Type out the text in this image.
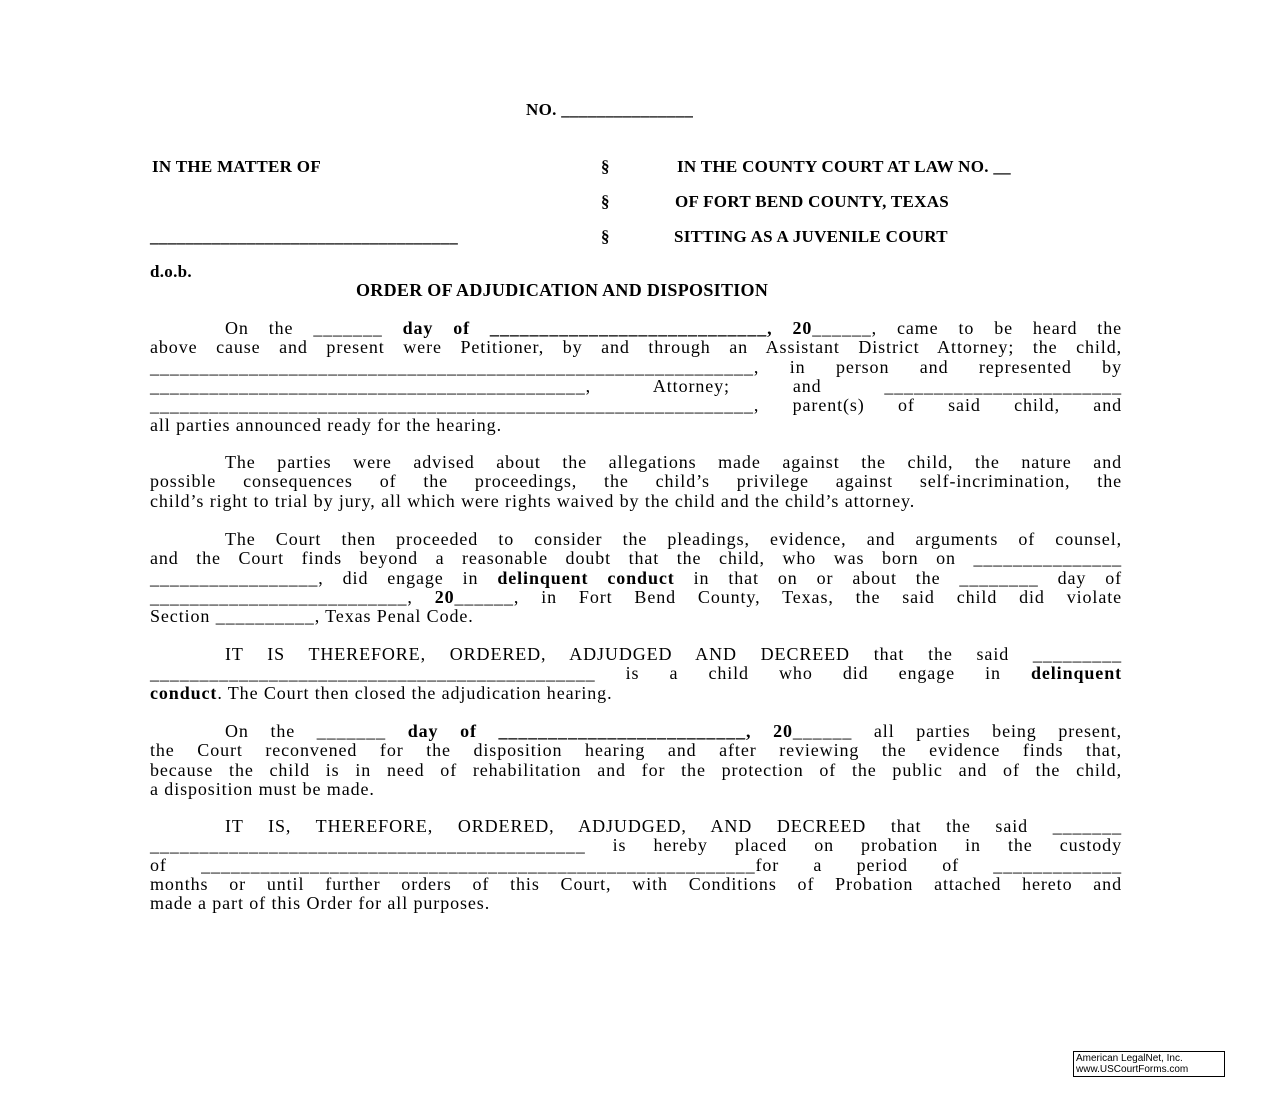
NO. _______________
IN THE MATTER OF
___________________________________
§
§
§
IN THE COUNTY COURT AT LAW NO. __
OF FORT BEND COUNTY, TEXAS
SITTING AS A JUVENILE COURT
d.o.b.
ORDER OF ADJUDICATION AND DISPOSITION
On the _______ day of ____________________________, 20______, came to be heard the
above cause and present were Petitioner, by and through an Assistant District Attorney; the child,
_____________________________________________________________, in person and represented by
____________________________________________, Attorney; and ________________________
_____________________________________________________________, parent(s) of said child, and
all parties announced ready for the hearing.
The parties were advised about the allegations made against the child, the nature and
possible consequences of the proceedings, the child’s privilege against self-incrimination, the
child’s right to trial by jury, all which were rights waived by the child and the child’s attorney.
The Court then proceeded to consider the pleadings, evidence, and arguments of counsel,
and the Court finds beyond a reasonable doubt that the child, who was born on _______________
_________________, did engage in delinquent conduct in that on or about the ________ day of
__________________________, 20______, in Fort Bend County, Texas, the said child did violate
Section __________, Texas Penal Code.
IT IS THEREFORE, ORDERED, ADJUDGED AND DECREED that the said _________
_____________________________________________ is a child who did engage in delinquent
conduct. The Court then closed the adjudication hearing.
On the _______ day of _________________________, 20______ all parties being present,
the Court reconvened for the disposition hearing and after reviewing the evidence finds that,
because the child is in need of rehabilitation and for the protection of the public and of the child,
a disposition must be made.
IT IS, THEREFORE, ORDERED, ADJUDGED, AND DECREED that the said _______
____________________________________________ is hereby placed on probation in the custody
of ________________________________________________________for a period of _____________
months or until further orders of this Court, with Conditions of Probation attached hereto and
made a part of this Order for all purposes.
American LegalNet, Inc.
www.USCourtForms.com
